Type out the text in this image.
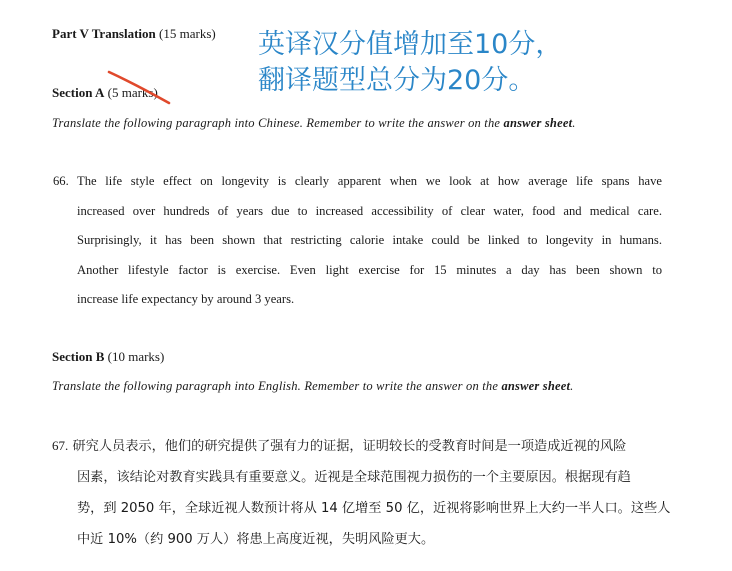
Part V Translation (15 marks) 英译汉分值增加至10分，
翻译题型总分为20分。
Section A (5 marks)
Translate the following paragraph into Chinese. Remember to write the answer on the answer sheet.
66. The life style effect on longevity is clearly apparent when we look at how average life spans have
increased over hundreds of years due to increased accessibility of clear water, food and medical care.
Surprisingly, it has been shown that restricting calorie intake could be linked to longevity in humans.
Another lifestyle factor is exercise. Even light exercise for 15 minutes a day has been shown to
increase life expectancy by around 3 years.
Section B (10 marks)
Translate the following paragraph into English. Remember to write the answer on the answer sheet.
67. 研究人员表示，他们的研究提供了强有力的证据，证明较长的受教育时间是一项造成近视的风险
因素，该结论对教育实践具有重要意义。近视是全球范围视力损伤的一个主要原因。根据现有趋
势，到 2050 年，全球近视人数预计将从 14 亿增至 50 亿，近视将影响世界上大约一半人口。这些人
中近 10%（约 900 万人）将患上高度近视，失明风险更大。
